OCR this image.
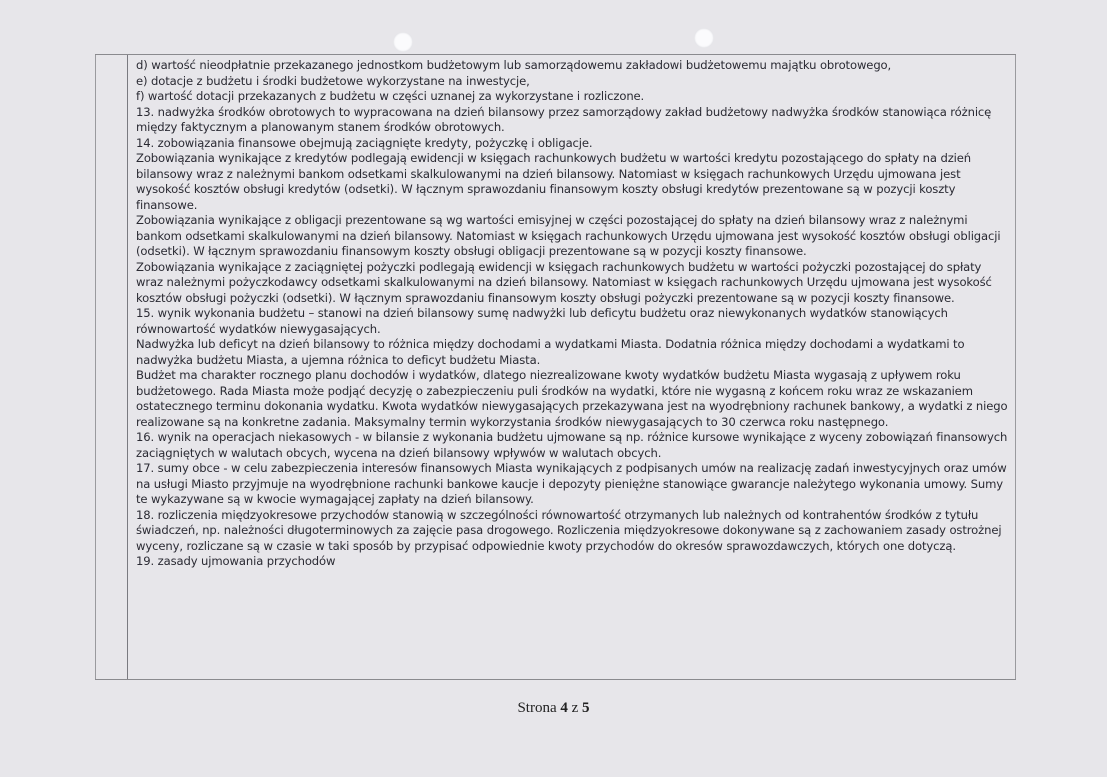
d) wartość nieodpłatnie przekazanego jednostkom budżetowym lub samorządowemu zakładowi budżetowemu majątku obrotowego,

e) dotacje z budżetu i środki budżetowe wykorzystane na inwestycje,

f) wartość dotacji przekazanych z budżetu w części uznanej za wykorzystane i rozliczone.

13. nadwyżka środków obrotowych to wypracowana na dzień bilansowy przez samorządowy zakład budżetowy nadwyżka środków stanowiąca różnicę między faktycznym a planowanym stanem środków obrotowych.

14. zobowiązania finansowe obejmują zaciągnięte kredyty, pożyczkę i obligacje.

Zobowiązania wynikające z kredytów podlegają ewidencji w księgach rachunkowych budżetu w wartości kredytu pozostającego do spłaty na dzień bilansowy wraz z należnymi bankom odsetkami skalkulowanymi na dzień bilansowy. Natomiast w księgach rachunkowych Urzędu ujmowana jest wysokość kosztów obsługi kredytów (odsetki). W łącznym sprawozdaniu finansowym koszty obsługi kredytów prezentowane są w pozycji koszty finansowe.

Zobowiązania wynikające z obligacji prezentowane są wg wartości emisyjnej w części pozostającej do spłaty na dzień bilansowy wraz z należnymi bankom odsetkami skalkulowanymi na dzień bilansowy. Natomiast w księgach rachunkowych Urzędu ujmowana jest wysokość kosztów obsługi obligacji (odsetki). W łącznym sprawozdaniu finansowym koszty obsługi obligacji prezentowane są w pozycji koszty finansowe.

Zobowiązania wynikające z zaciągniętej pożyczki podlegają ewidencji w księgach rachunkowych budżetu w wartości pożyczki pozostającej do spłaty wraz należnymi pożyczkodawcy odsetkami skalkulowanymi na dzień bilansowy. Natomiast w księgach rachunkowych Urzędu ujmowana jest wysokość kosztów obsługi pożyczki (odsetki). W łącznym sprawozdaniu finansowym koszty obsługi pożyczki prezentowane są w pozycji koszty finansowe.

15. wynik wykonania budżetu – stanowi na dzień bilansowy sumę nadwyżki lub deficytu budżetu oraz niewykonanych wydatków stanowiących równowartość wydatków niewygasających.

Nadwyżka lub deficyt na dzień bilansowy to różnica między dochodami a wydatkami Miasta. Dodatnia różnica między dochodami a wydatkami to nadwyżka budżetu Miasta, a ujemna różnica to deficyt budżetu Miasta.

Budżet ma charakter rocznego planu dochodów i wydatków, dlatego niezrealizowane kwoty wydatków budżetu Miasta wygasają z upływem roku budżetowego. Rada Miasta może podjąć decyzję o zabezpieczeniu puli środków na wydatki, które nie wygasną z końcem roku wraz ze wskazaniem ostatecznego terminu dokonania wydatku. Kwota wydatków niewygasających przekazywana jest na wyodrębniony rachunek bankowy, a wydatki z niego realizowane są na konkretne zadania. Maksymalny termin wykorzystania środków niewygasających to 30 czerwca roku następnego.

16. wynik na operacjach niekasowych - w bilansie z wykonania budżetu ujmowane są np. różnice kursowe wynikające z wyceny zobowiązań finansowych zaciągniętych w walutach obcych, wycena na dzień bilansowy wpływów w walutach obcych.

17. sumy obce - w celu zabezpieczenia interesów finansowych Miasta wynikających z podpisanych umów na realizację zadań inwestycyjnych oraz umów na usługi Miasto przyjmuje na wyodrębnione rachunki bankowe kaucje i depozyty pieniężne stanowiące gwarancje należytego wykonania umowy. Sumy te wykazywane są w kwocie wymagającej zapłaty na dzień bilansowy.

18. rozliczenia międzyokresowe przychodów stanowią w szczególności równowartość otrzymanych lub należnych od kontrahentów środków z tytułu świadczeń, np. należności długoterminowych za zajęcie pasa drogowego. Rozliczenia międzyokresowe dokonywane są z zachowaniem zasady ostrożnej wyceny, rozliczane są w czasie w taki sposób by przypisać odpowiednie kwoty przychodów do okresów sprawozdawczych, których one dotyczą.

19. zasady ujmowania przychodów

Strona 4 z 5
